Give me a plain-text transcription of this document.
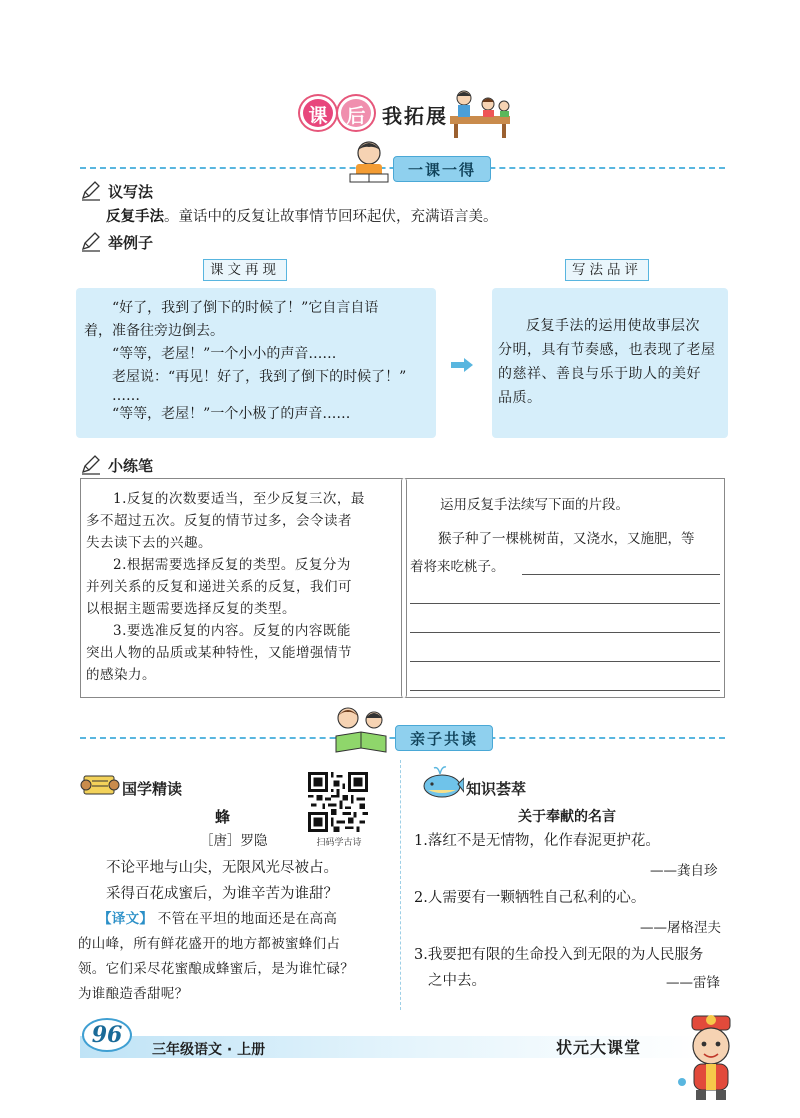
课 后 我拓展
一课一得
议写法
反复手法。童话中的反复让故事情节回环起伏，充满语言美。
举例子
课文再现	写法品评
“好了，我到了倒下的时候了！”它自言自语
着，准备往旁边倒去。
“等等，老屋！”一个小小的声音……
老屋说：“再见！好了，我到了倒下的时候了！”
……
“等等，老屋！”一个小极了的声音……
反复手法的运用使故事层次
分明，具有节奏感，也表现了老屋
的慈祥、善良与乐于助人的美好
品质。
小练笔
1.反复的次数要适当，至少反复三次，最
多不超过五次。反复的情节过多，会令读者
失去读下去的兴趣。
2.根据需要选择反复的类型。反复分为
并列关系的反复和递进关系的反复，我们可
以根据主题需要选择反复的类型。
3.要选准反复的内容。反复的内容既能
突出人物的品质或某种特性，又能增强情节
的感染力。
运用反复手法续写下面的片段。
猴子种了一棵桃树苗，又浇水，又施肥，等
着将来吃桃子。
亲子共读
国学精读
扫码学古诗
蜂
［唐］罗隐
不论平地与山尖，无限风光尽被占。
采得百花成蜜后，为谁辛苦为谁甜？
【译文】 不管在平坦的地面还是在高高
的山峰，所有鲜花盛开的地方都被蜜蜂们占
领。它们采尽花蜜酿成蜂蜜后，是为谁忙碌？
为谁酿造香甜呢？
知识荟萃
关于奉献的名言
1.落红不是无情物，化作春泥更护花。
——龚自珍
2.人需要有一颗牺牲自己私利的心。
——屠格涅夫
3.我要把有限的生命投入到无限的为人民服务
之中去。	——雷锋
96
三年级语文 · 上册	状元大课堂
